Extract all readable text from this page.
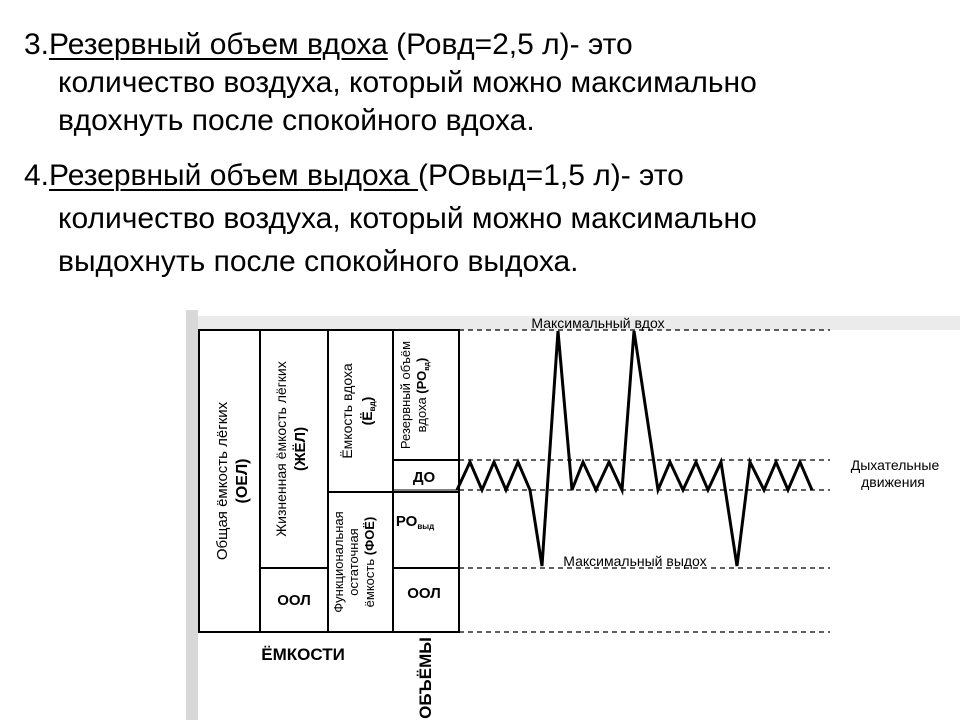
3.Резервный объем вдоха (Ровд=2,5 л)- это
количество воздуха, который можно максимально
вдохнуть после спокойного вдоха.
4.Резервный объем выдоха (РОвыд=1,5 л)- это
количество воздуха, который можно максимально
выдохнуть после спокойного выдоха.
Общая ёмкость лёгких (ОЕЛ) Жизненная ёмкость лёгких (ЖЁЛ) Ёмкость вдоха $(Ё_{вд})$
Функциональная остаточная ёмкость (ФОЁ)
Резервный объём вдоха $(РО_{вд})$
ДО
$РО_{выд}$
ООЛ	ООЛ
ЁМКОСТИ	ОБЪЁМЫ
Максимальный вдох
Максимальный выдох
Дыхательные
движения
